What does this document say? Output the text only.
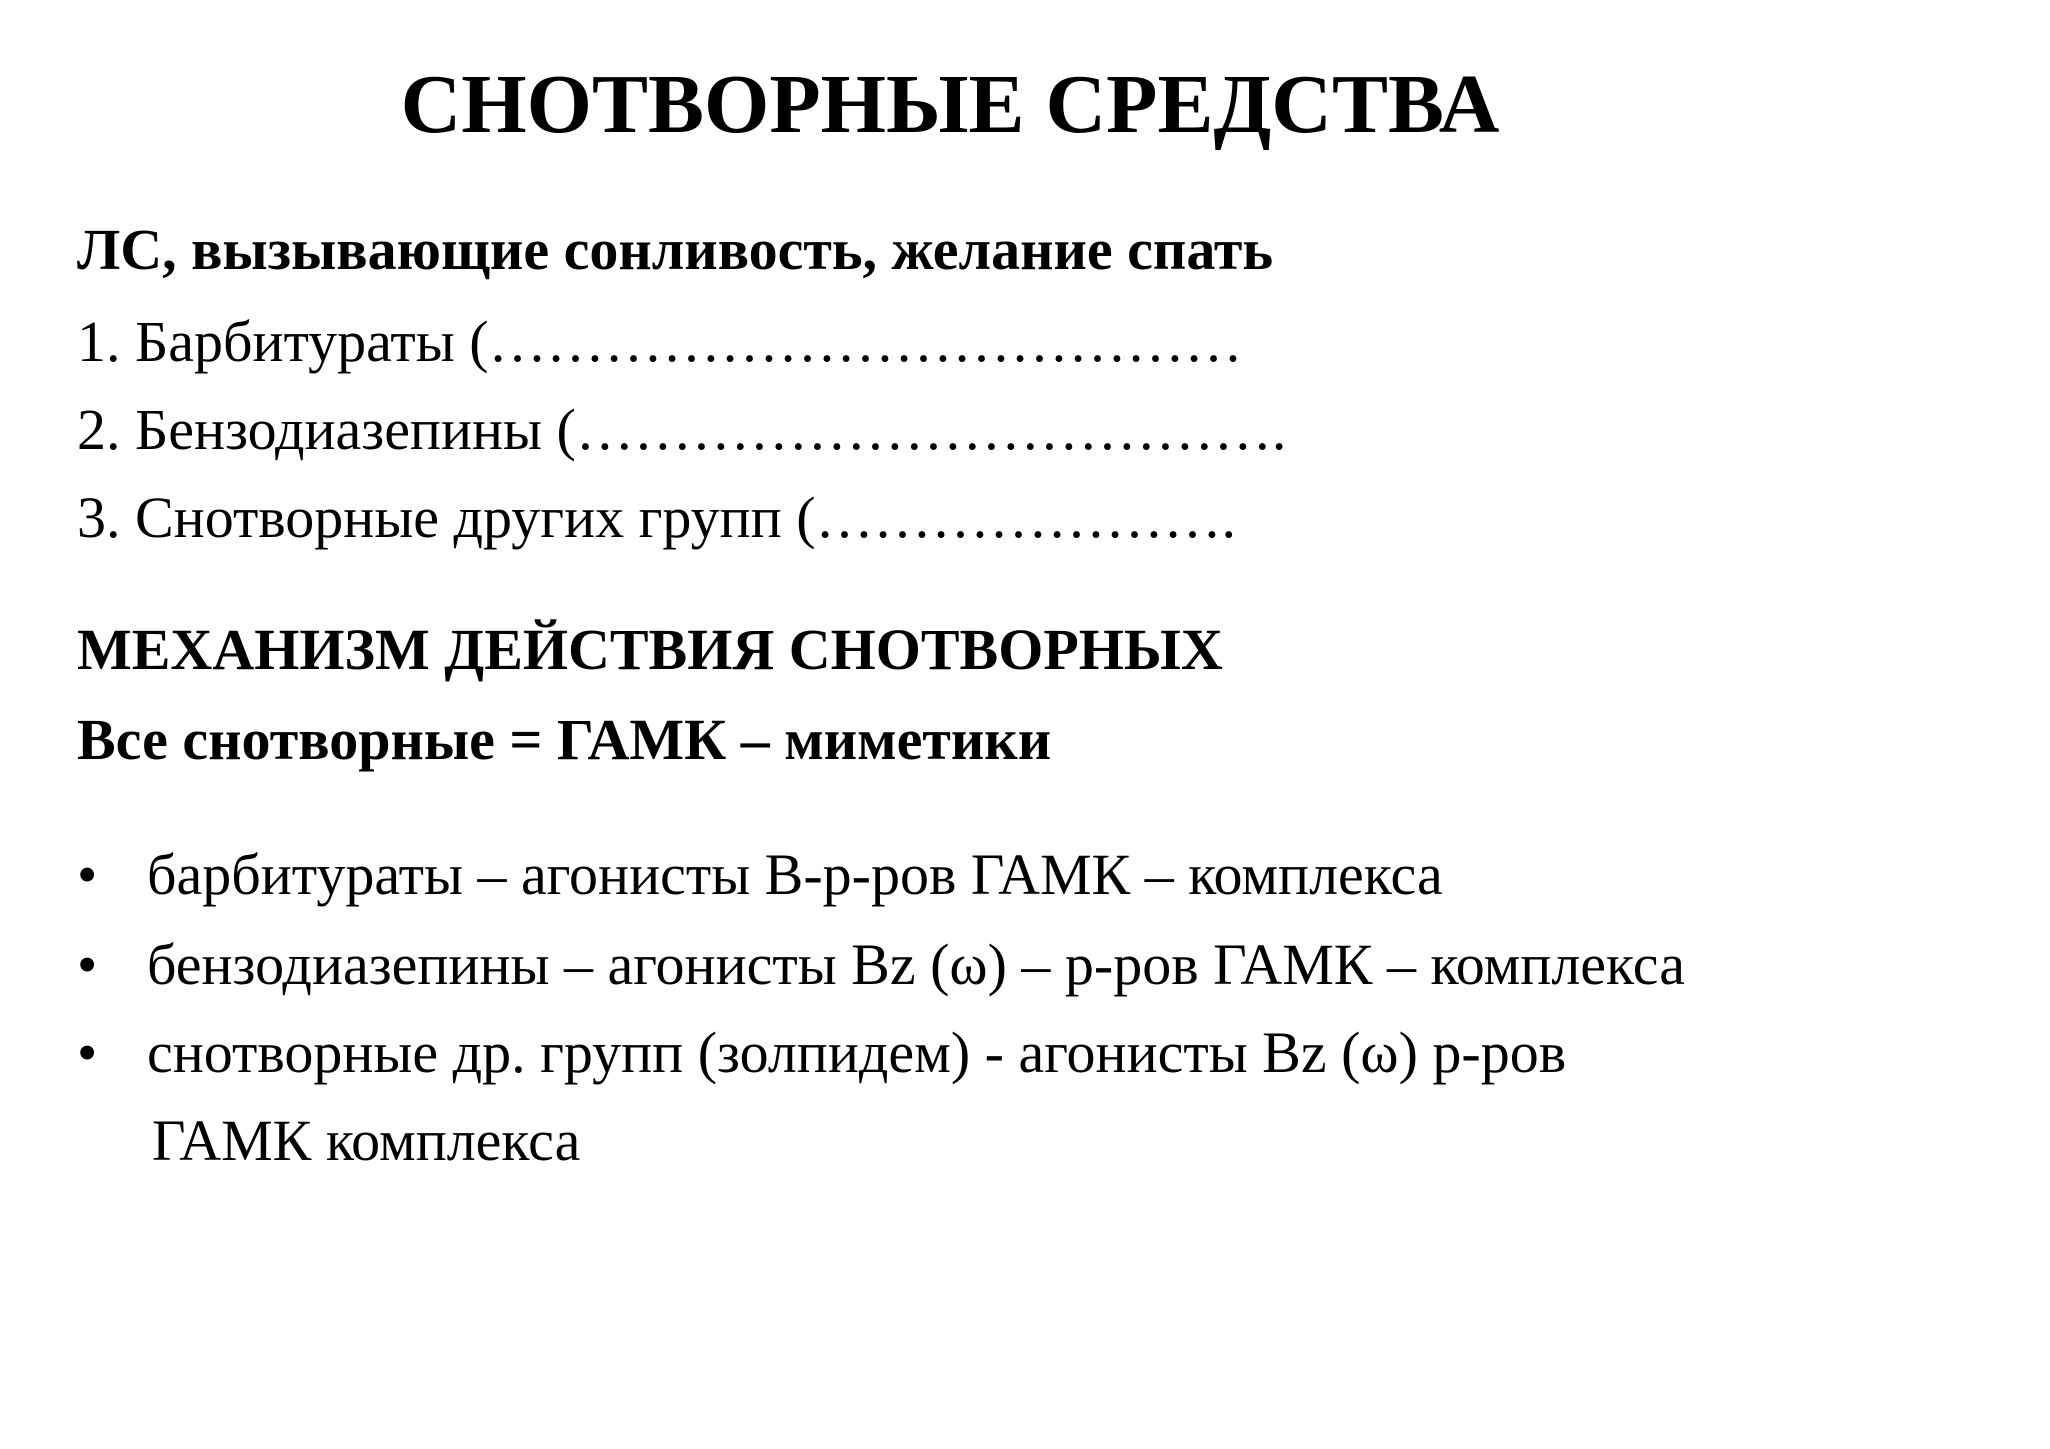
СНОТВОРНЫЕ СРЕДСТВА
ЛС, вызывающие сонливость, желание спать
1. Барбитураты (…………………………………
2. Бензодиазепины (……………………………….
3. Снотворные других групп (………………….
МЕХАНИЗМ ДЕЙСТВИЯ СНОТВОРНЫХ
Все снотворные = ГАМК – миметики
• барбитураты – агонисты В-р-ров ГАМК – комплекса
• бензодиазепины – агонисты Bz (ω) – р-ров ГАМК – комплекса
• снотворные др. групп (золпидем) - агонисты Bz (ω) р-ров
ГАМК комплекса
